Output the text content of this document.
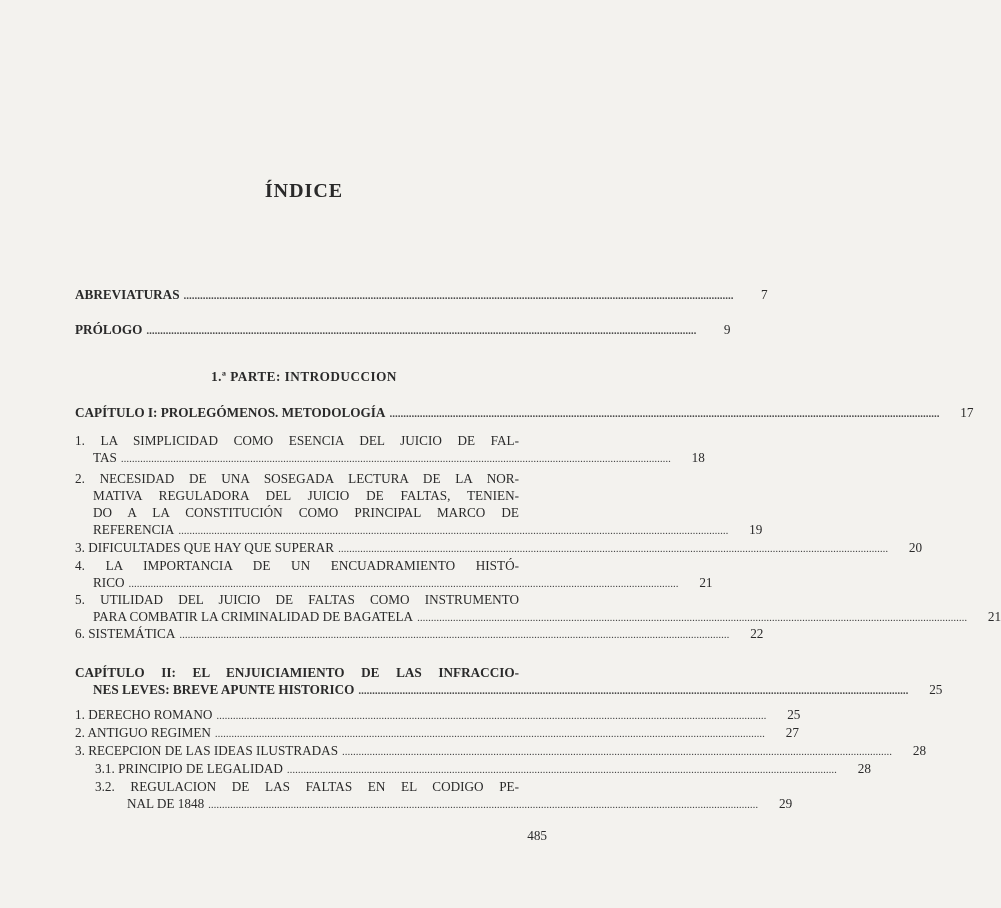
ÍNDICE
ABREVIATURAS .....	7
PRÓLOGO .....	9
1.ª PARTE: INTRODUCCION
CAPÍTULO I: PROLEGÓMENOS. METODOLOGÍA .....	17
1. LA SIMPLICIDAD COMO ESENCIA DEL JUICIO DE FAL-
TAS .....	18
2. NECESIDAD DE UNA SOSEGADA LECTURA DE LA NOR-
MATIVA REGULADORA DEL JUICIO DE FALTAS, TENIEN-
DO A LA CONSTITUCIÓN COMO PRINCIPAL MARCO DE
REFERENCIA .....	19
3. DIFICULTADES QUE HAY QUE SUPERAR .....	20
4. LA IMPORTANCIA DE UN ENCUADRAMIENTO HISTÓ-
RICO .....	21
5. UTILIDAD DEL JUICIO DE FALTAS COMO INSTRUMENTO
PARA COMBATIR LA CRIMINALIDAD DE BAGATELA .....	21
6. SISTEMÁTICA .....	22
CAPÍTULO II: EL ENJUICIAMIENTO DE LAS INFRACCIO-
NES LEVES: BREVE APUNTE HISTORICO .....	25
1. DERECHO ROMANO .....	25
2. ANTIGUO REGIMEN .....	27
3. RECEPCION DE LAS IDEAS ILUSTRADAS .....	28
3.1. PRINCIPIO DE LEGALIDAD .....	28
3.2. REGULACION DE LAS FALTAS EN EL CODIGO PE-
NAL DE 1848 .....	29
485
